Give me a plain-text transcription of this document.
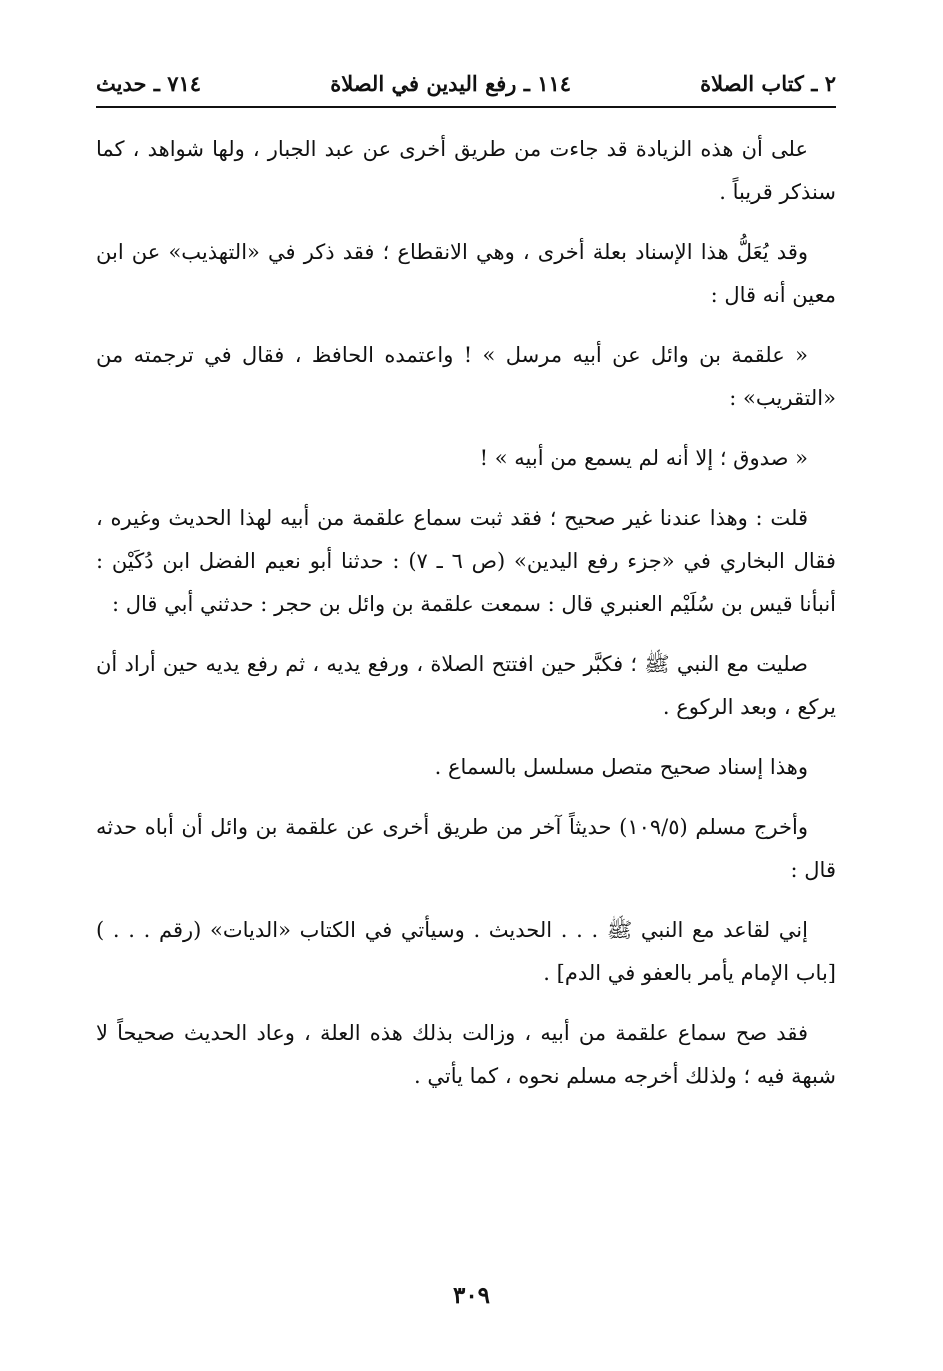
٢ ـ كتاب الصلاة
١١٤ ـ رفع اليدين في الصلاة
٧١٤ ـ حديث

على أن هذه الزيادة قد جاءت من طريق أخرى عن عبد الجبار ، ولها شواهد ، كما سنذكر قريباً .

وقد يُعَلُّ هذا الإسناد بعلة أخرى ، وهي الانقطاع ؛ فقد ذكر في «التهذيب» عن ابن معين أنه قال :

« علقمة بن وائل عن أبيه مرسل » ! واعتمده الحافظ ، فقال في ترجمته من «التقريب» :

« صدوق ؛ إلا أنه لم يسمع من أبيه » !

قلت : وهذا عندنا غير صحيح ؛ فقد ثبت سماع علقمة من أبيه لهذا الحديث وغيره ، فقال البخاري في «جزء رفع اليدين» (ص ٦ ـ ٧) : حدثنا أبو نعيم الفضل ابن دُكَيْن : أنبأنا قيس بن سُلَيْم العنبري قال : سمعت علقمة بن وائل بن حجر : حدثني أبي قال :

صليت مع النبي ﷺ ؛ فكبَّر حين افتتح الصلاة ، ورفع يديه ، ثم رفع يديه حين أراد أن يركع ، وبعد الركوع .

وهذا إسناد صحيح متصل مسلسل بالسماع .

وأخرج مسلم (١٠٩/٥) حديثاً آخر من طريق أخرى عن علقمة بن وائل أن أباه حدثه قال :

إني لقاعد مع النبي ﷺ . . . الحديث . وسيأتي في الكتاب «الديات» (رقم . . . ) [باب الإمام يأمر بالعفو في الدم] .

فقد صح سماع علقمة من أبيه ، وزالت بذلك هذه العلة ، وعاد الحديث صحيحاً لا شبهة فيه ؛ ولذلك أخرجه مسلم نحوه ، كما يأتي .

٣٠٩
